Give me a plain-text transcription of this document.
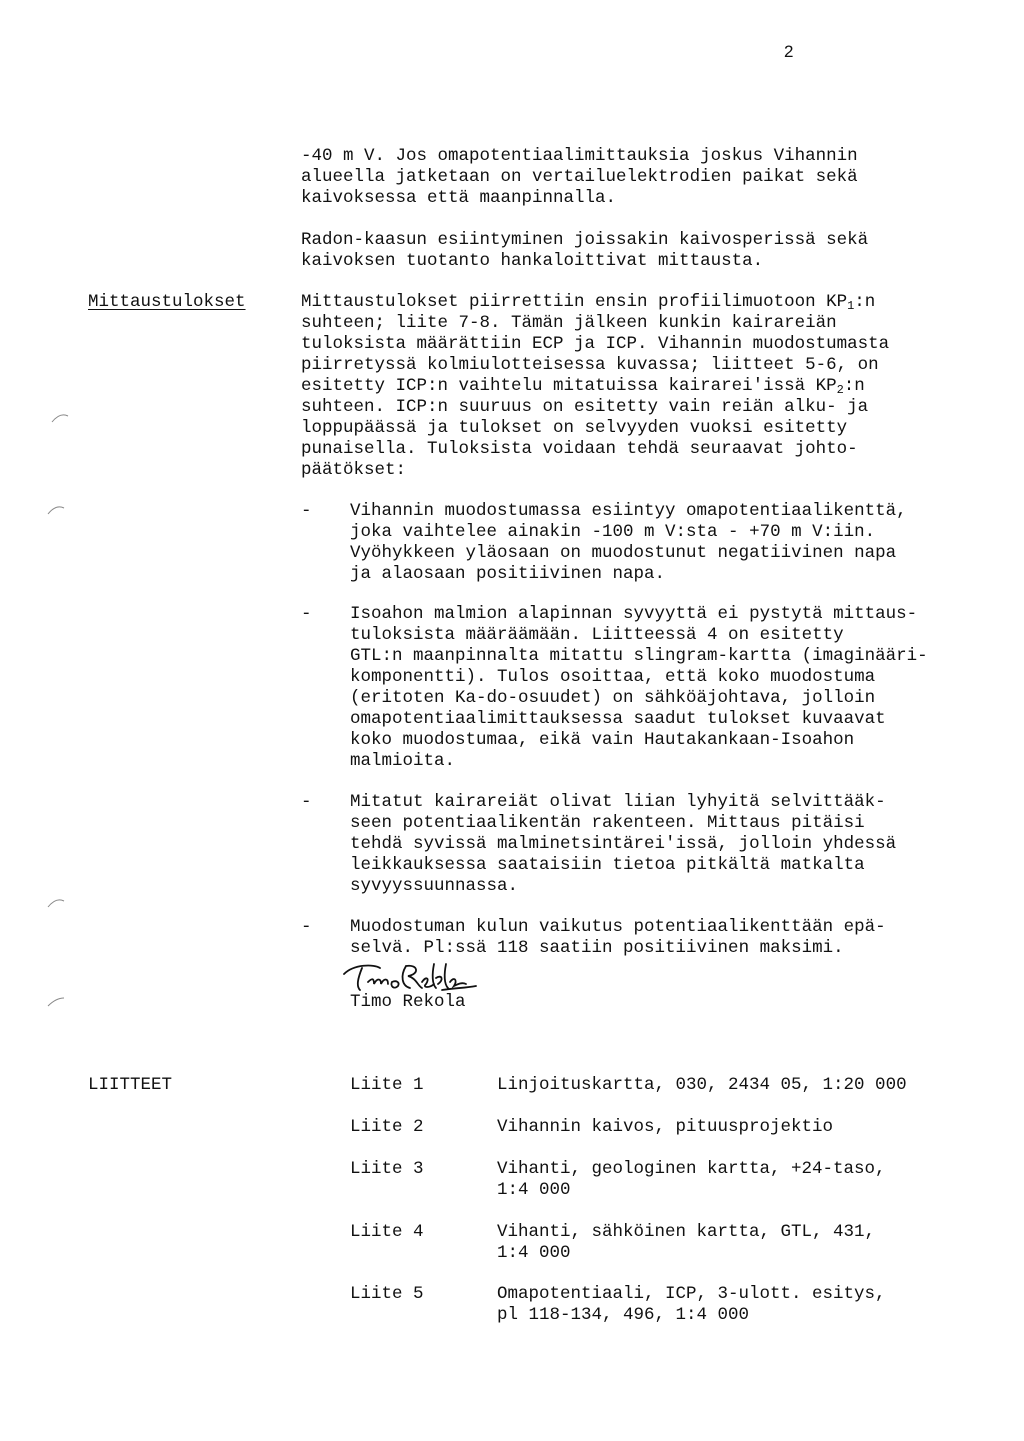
2
-40 m V. Jos omapotentiaalimittauksia joskus Vihannin
alueella jatketaan on vertailuelektrodien paikat sekä
kaivoksessa että maanpinnalla.
Radon-kaasun esiintyminen joissakin kaivosperissä sekä
kaivoksen tuotanto hankaloittivat mittausta.
Mittaustulokset	Mittaustulokset piirrettiin ensin profiilimuotoon $KP_1:n$
suhteen; liite 7-8. Tämän jälkeen kunkin kairareiän
tuloksista määrättiin ECP ja ICP. Vihannin muodostumasta
piirretyssä kolmiulotteisessa kuvassa; liitteet 5-6, on
esitetty ICP:n vaihtelu mitatuissa kairarei'issä $KP_2:n$
suhteen. ICP:n suuruus on esitetty vain reiän alku- ja
loppupäässä ja tulokset on selvyyden vuoksi esitetty
punaisella. Tuloksista voidaan tehdä seuraavat johto-
päätökset:
- Vihannin muodostumassa esiintyy omapotentiaalikenttä,
joka vaihtelee ainakin -100 m V:sta - +70 m V:iin.
Vyöhykkeen yläosaan on muodostunut negatiivinen napa
ja alaosaan positiivinen napa.
- Isoahon malmion alapinnan syvyyttä ei pystytä mittaus-
tuloksista määräämään. Liitteessä 4 on esitetty
GTL:n maanpinnalta mitattu slingram-kartta (imaginääri-
komponentti). Tulos osoittaa, että koko muodostuma
(eritoten Ka-do-osuudet) on sähköäjohtava, jolloin
omapotentiaalimittauksessa saadut tulokset kuvaavat
koko muodostumaa, eikä vain Hautakankaan-Isoahon
malmioita.
- Mitatut kairareiät olivat liian lyhyitä selvittääk-
seen potentiaalikentän rakenteen. Mittaus pitäisi
tehdä syvissä malminetsintärei'issä, jolloin yhdessä
leikkauksessa saataisiin tietoa pitkältä matkalta
syvyyssuunnassa.
- Muodostuman kulun vaikutus potentiaalikenttään epä-
selvä. Pl:ssä 118 saatiin positiivinen maksimi.
Timo Rekola
LIITTEET	Liite 1	Linjoituskartta, 030, 2434 05, 1:20 000
Liite 2	Vihannin kaivos, pituusprojektio
Liite 3	Vihanti, geologinen kartta, +24-taso,
1:4 000
Liite 4	Vihanti, sähköinen kartta, GTL, 431,
1:4 000
Liite 5	Omapotentiaali, ICP, 3-ulott. esitys,
pl 118-134, 496, 1:4 000
